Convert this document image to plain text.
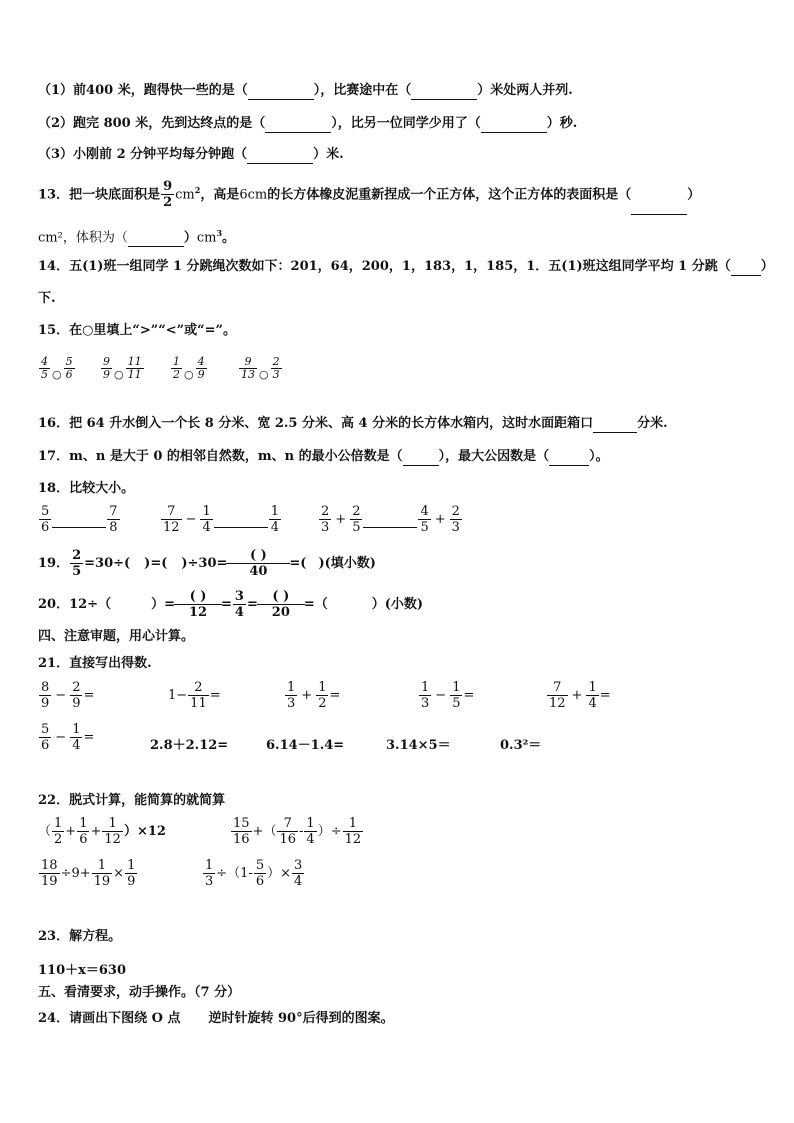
（1）前400 米，跑得快一些的是（	），比赛途中在（	）米处两人并列.
（2）跑完 800 米，先到达终点的是（	），比另一位同学少用了（	）秒.
（3）小刚前 2 分钟平均每分钟跑（	）米.
13．把一块底面积是 $\frac{9}{2} cm^2$，高是6cm的长方体橡皮泥重新捏成一个正方体，这个正方体的表面积是（	）
cm²，体积为（	）$cm^3$。
14．五(1)班一组同学 1 分跳绳次数如下：201，64，200，1，183，1，185，1．五(1)班这组同学平均 1 分跳（ ）
下.
15．在○里填上“>”“<”或“=”。
$\frac{4}{5} _○ \frac{5}{6} \frac{9}{9} _○ \frac{11}{11} \frac{1}{2} _○ \frac{4}{9}$	$\frac{9}{13} _○ \frac{2}{3}$
16．把 64 升水倒入一个长 8 分米、宽 2.5 分米、高 4 分米的长方体水箱内，这时水面距箱口	分米.
17．m、n 是大于 0 的相邻自然数，m、n 的最小公倍数是（	），最大公因数是（	）。
18．比较大小。
$\frac{5}{6}$	$\frac{7}{8}$	$\frac{7}{12} - \frac{1}{4}$	$\frac{1}{4}$	$\frac{2}{3} + \frac{2}{5}$	$\frac{4}{5} + \frac{2}{3}$
19． $\frac{2}{5} =30\div$( )=( )$\div 30= \frac{( )}{40}$ =( )(填小数)
20．12÷（	）= $\frac{( )}{12} = \frac{3}{4} = \frac{( )}{20}$ =（	）(小数)
四、注意审题，用心计算。
21．直接写出得数.
$\frac{8}{9} - \frac{2}{9}$ =	$1- \frac{2}{11}$ =	$\frac{1}{3} + \frac{1}{2}$ =	$\frac{1}{3} - \frac{1}{5}$ =	$\frac{7}{12} + \frac{1}{4}$ =
$\frac{5}{6} - \frac{1}{4}$ =
2.8＋2.12=	6.14－1.4=	3.14×5＝	0.3²＝
22．脱式计算，能简算的就简算
（ $\frac{1}{2} + \frac{1}{6} + \frac{1}{12} )\times 12$	$\frac{15}{16}$ +（ $\frac{7}{16} - \frac{1}{4}$ ）÷ $\frac{1}{12}$
$\frac{18}{19} \div 9+ \frac{1}{19} \times \frac{1}{9}$	$\frac{1}{3} \div(1- \frac{5}{6}$ ）× $\frac{3}{4}$
23．解方程。
110＋x＝630
五、看清要求，动手操作。（7 分）
24．请画出下图绕 O 点 逆时针旋转 90°后得到的图案。
